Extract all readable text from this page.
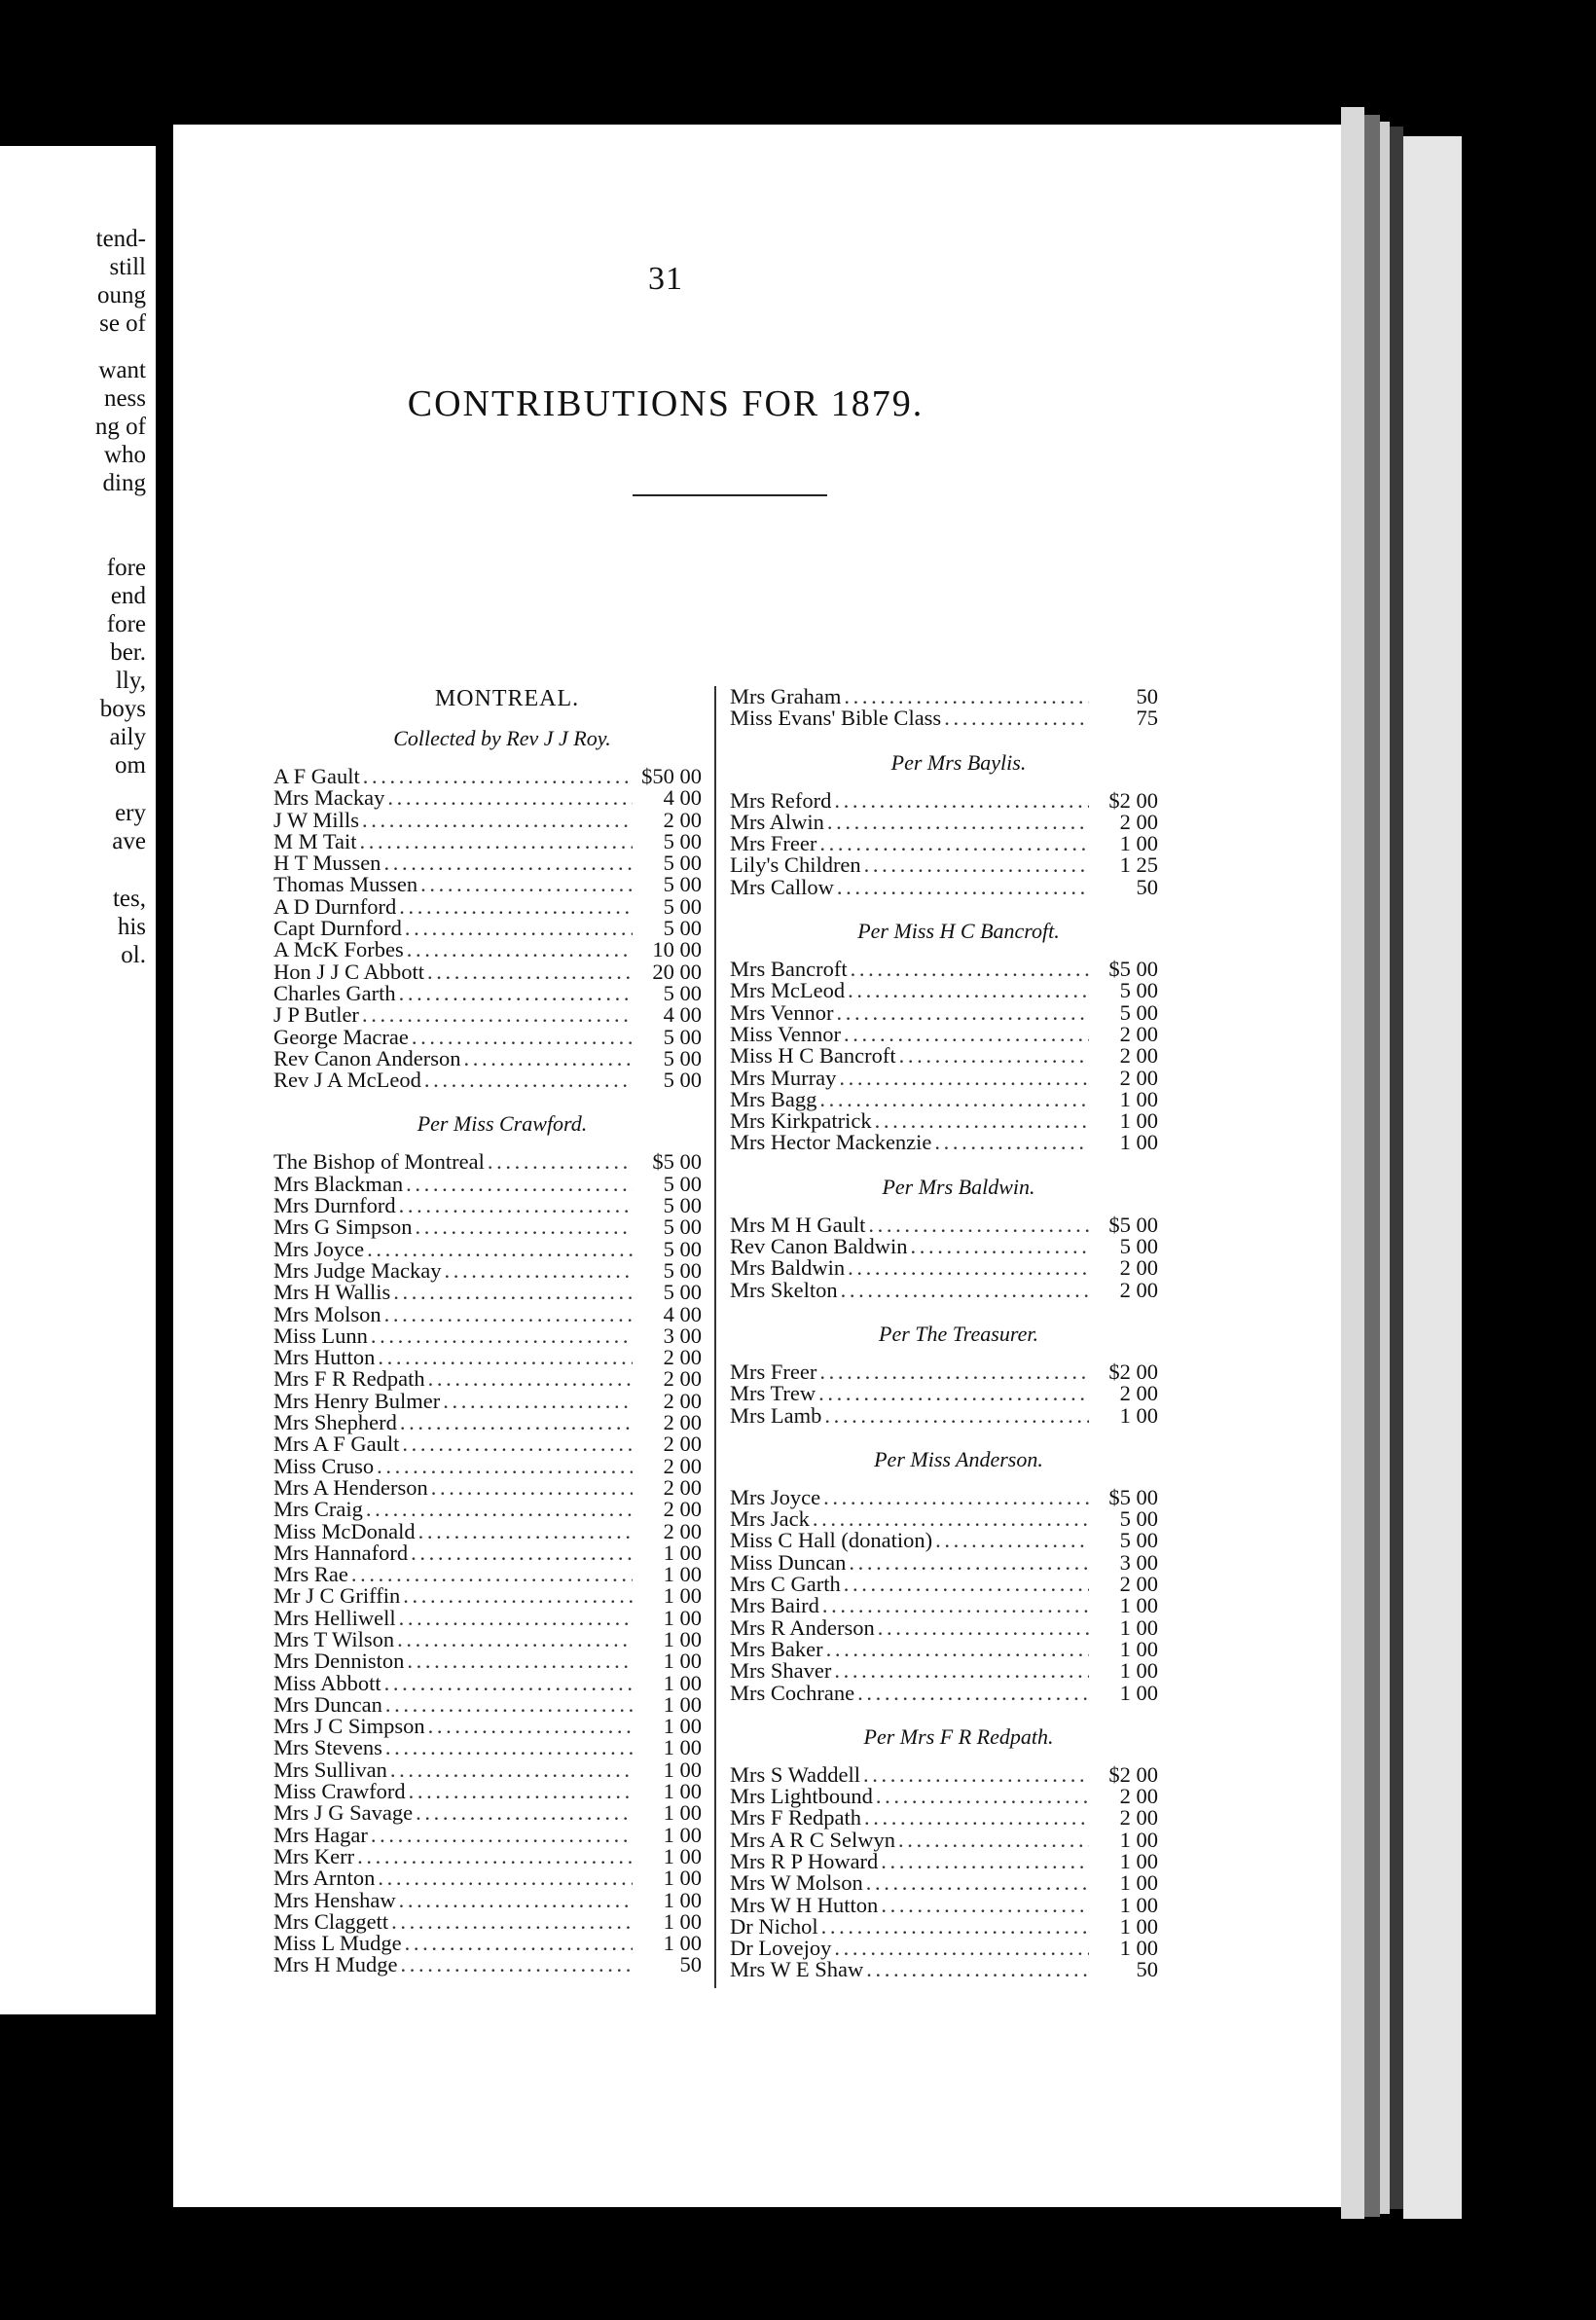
tend-
still
oung
se of
want
ness
ng of
who
ding
fore
end
fore
ber.
lly,
boys
aily
om
ery
ave
tes,
his
ol.
31
CONTRIBUTIONS FOR 1879.
MONTREAL.
Collected by Rev J J Roy.
A F Gault . . .	$50 00
Mrs Mackay . . .	4 00
J W Mills . . .	2 00
M M Tait . . .	5 00
H T Mussen . . .	5 00
Thomas Mussen . . .	5 00
A D Durnford . . .	5 00
Capt Durnford . . .	5 00
A McK Forbes . . .	10 00
Hon J J C Abbott . . .	20 00
Charles Garth . . .	5 00
J P Butler . . .	4 00
George Macrae . . .	5 00
Rev Canon Anderson . . .	5 00
Rev J A McLeod . . .	5 00
Per Miss Crawford.
The Bishop of Montreal . . .	$5 00
Mrs Blackman . . .	5 00
Mrs Durnford . . .	5 00
Mrs G Simpson . . .	5 00
Mrs Joyce . . .	5 00
Mrs Judge Mackay . . .	5 00
Mrs H Wallis . . .	5 00
Mrs Molson . . .	4 00
Miss Lunn . . .	3 00
Mrs Hutton . . .	2 00
Mrs F R Redpath . . .	2 00
Mrs Henry Bulmer . . .	2 00
Mrs Shepherd . . .	2 00
Mrs A F Gault . . .	2 00
Miss Cruso . . .	2 00
Mrs A Henderson . . .	2 00
Mrs Craig . . .	2 00
Miss McDonald . . .	2 00
Mrs Hannaford . . .	1 00
Mrs Rae . . .	1 00
Mr J C Griffin . . .	1 00
Mrs Helliwell . . .	1 00
Mrs T Wilson . . .	1 00
Mrs Denniston . . .	1 00
Miss Abbott . . .	1 00
Mrs Duncan . . .	1 00
Mrs J C Simpson . . .	1 00
Mrs Stevens . . .	1 00
Mrs Sullivan . . .	1 00
Miss Crawford . . .	1 00
Mrs J G Savage . . .	1 00
Mrs Hagar . . .	1 00
Mrs Kerr . . .	1 00
Mrs Arnton . . .	1 00
Mrs Henshaw . . .	1 00
Mrs Claggett . . .	1 00
Miss L Mudge . . .	1 00
Mrs H Mudge . . .	50
Mrs Graham . . .	50
Miss Evans' Bible Class . . .	75
Per Mrs Baylis.
Mrs Reford . . .	$2 00
Mrs Alwin . . .	2 00
Mrs Freer . . .	1 00
Lily's Children . . .	1 25
Mrs Callow . . .	50
Per Miss H C Bancroft.
Mrs Bancroft . . .	$5 00
Mrs McLeod . . .	5 00
Mrs Vennor . . .	5 00
Miss Vennor . . .	2 00
Miss H C Bancroft . . .	2 00
Mrs Murray . . .	2 00
Mrs Bagg . . .	1 00
Mrs Kirkpatrick . . .	1 00
Mrs Hector Mackenzie . . .	1 00
Per Mrs Baldwin.
Mrs M H Gault . . .	$5 00
Rev Canon Baldwin . . .	5 00
Mrs Baldwin . . .	2 00
Mrs Skelton . . .	2 00
Per The Treasurer.
Mrs Freer . . .	$2 00
Mrs Trew . . .	2 00
Mrs Lamb . . .	1 00
Per Miss Anderson.
Mrs Joyce . . .	$5 00
Mrs Jack . . .	5 00
Miss C Hall (donation) . . .	5 00
Miss Duncan . . .	3 00
Mrs C Garth . . .	2 00
Mrs Baird . . .	1 00
Mrs R Anderson . . .	1 00
Mrs Baker . . .	1 00
Mrs Shaver . . .	1 00
Mrs Cochrane . . .	1 00
Per Mrs F R Redpath.
Mrs S Waddell . . .	$2 00
Mrs Lightbound . . .	2 00
Mrs F Redpath . . .	2 00
Mrs A R C Selwyn . . .	1 00
Mrs R P Howard . . .	1 00
Mrs W Molson . . .	1 00
Mrs W H Hutton . . .	1 00
Dr Nichol . . .	1 00
Dr Lovejoy . . .	1 00
Mrs W E Shaw . . .	50
